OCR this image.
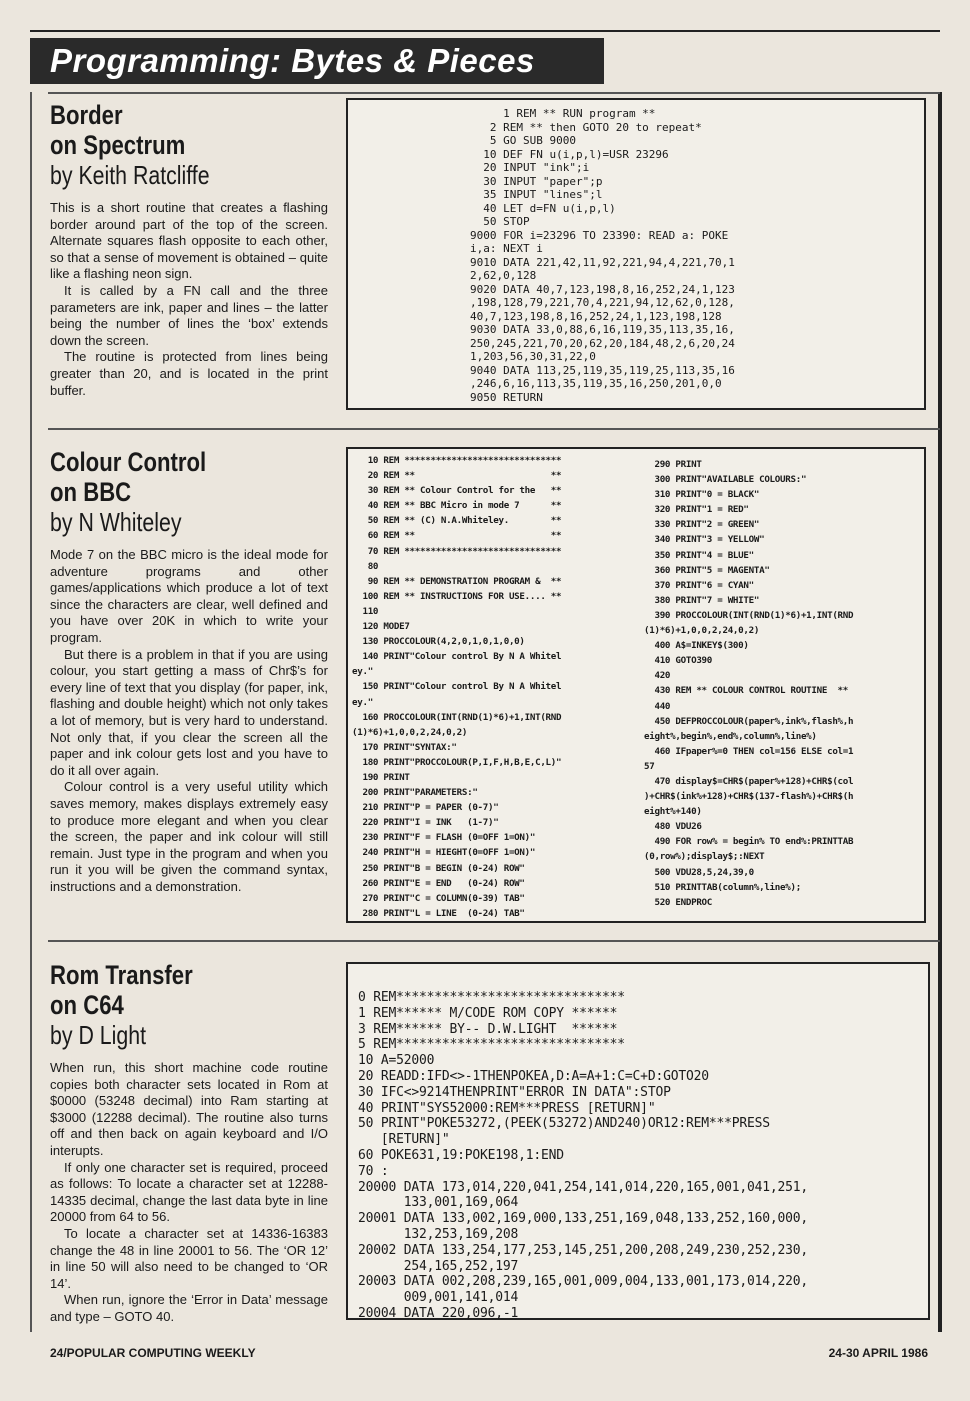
Programming: Bytes & Pieces
Border
on Spectrum
by Keith Ratcliffe

This is a short routine that creates a flashing border around part of the top of the screen. Alternate squares flash opposite to each other, so that a sense of movement is obtained – quite like a flashing neon sign.

It is called by a FN call and the three parameters are ink, paper and lines – the latter being the number of lines the ‘box’ extends down the screen.

The routine is protected from lines being greater than 20, and is located in the print buffer.

1 REM ** RUN program **
2 REM ** then GOTO 20 to repeat*
5 GO SUB 9000
10 DEF FN u(i,p,l)=USR 23296
20 INPUT "ink";i
30 INPUT "paper";p
35 INPUT "lines";l
40 LET d=FN u(i,p,l)
50 STOP
9000 FOR i=23296 TO 23390: READ a: POKE
i,a: NEXT i
9010 DATA 221,42,11,92,221,94,4,221,70,1
2,62,0,128
9020 DATA 40,7,123,198,8,16,252,24,1,123
,198,128,79,221,70,4,221,94,12,62,0,128,
40,7,123,198,8,16,252,24,1,123,198,128
9030 DATA 33,0,88,6,16,119,35,113,35,16,
250,245,221,70,20,62,20,184,48,2,6,20,24
1,203,56,30,31,22,0
9040 DATA 113,25,119,35,119,25,113,35,16
,246,6,16,113,35,119,35,16,250,201,0,0
9050 RETURN
Colour Control
on BBC
by N Whiteley

Mode 7 on the BBC micro is the ideal mode for adventure programs and other games/applications which produce a lot of text since the characters are clear, well defined and you have over 20K in which to write your program.

But there is a problem in that if you are using colour, you start getting a mass of Chr$’s for every line of text that you display (for paper, ink, flashing and double height) which not only takes a lot of memory, but is very hard to understand. Not only that, if you clear the screen all the paper and ink colour gets lost and you have to do it all over again.

Colour control is a very useful utility which saves memory, makes displays extremely easy to produce more elegant and when you clear the screen, the paper and ink colour will still remain. Just type in the program and when you run it you will be given the command syntax, instructions and a demonstration.

10 REM ******************************
20 REM **                          **
30 REM ** Colour Control for the   **
40 REM ** BBC Micro in mode 7      **
50 REM ** (C) N.A.Whiteley.        **
60 REM **                          **
70 REM ******************************
80
90 REM ** DEMONSTRATION PROGRAM &  **
100 REM ** INSTRUCTIONS FOR USE.... **
110
120 MODE7
130 PROCCOLOUR(4,2,0,1,0,1,0,0)
140 PRINT"Colour control By N A Whitel
ey."
150 PRINT"Colour control By N A Whitel
ey."
160 PROCCOLOUR(INT(RND(1)*6)+1,INT(RND
(1)*6)+1,0,0,2,24,0,2)
170 PRINT"SYNTAX:"
180 PRINT"PROCCOLOUR(P,I,F,H,B,E,C,L)"
190 PRINT
200 PRINT"PARAMETERS:"
210 PRINT"P = PAPER (0-7)"
220 PRINT"I = INK   (1-7)"
230 PRINT"F = FLASH (0=OFF 1=ON)"
240 PRINT"H = HIEGHT(0=OFF 1=ON)"
250 PRINT"B = BEGIN (0-24) ROW"
260 PRINT"E = END   (0-24) ROW"
270 PRINT"C = COLUMN(0-39) TAB"
280 PRINT"L = LINE  (0-24) TAB"
290 PRINT
300 PRINT"AVAILABLE COLOURS:"
310 PRINT"0 = BLACK"
320 PRINT"1 = RED"
330 PRINT"2 = GREEN"
340 PRINT"3 = YELLOW"
350 PRINT"4 = BLUE"
360 PRINT"5 = MAGENTA"
370 PRINT"6 = CYAN"
380 PRINT"7 = WHITE"
390 PROCCOLOUR(INT(RND(1)*6)+1,INT(RND
(1)*6)+1,0,0,2,24,0,2)
400 A$=INKEY$(300)
410 GOTO390
420
430 REM ** COLOUR CONTROL ROUTINE  **
440
450 DEFPROCCOLOUR(paper%,ink%,flash%,h
eight%,begin%,end%,column%,line%)
460 IFpaper%=0 THEN col=156 ELSE col=1
57
470 display$=CHR$(paper%+128)+CHR$(col
)+CHR$(ink%+128)+CHR$(137-flash%)+CHR$(h
eight%+140)
480 VDU26
490 FOR row% = begin% TO end%:PRINTTAB
(0,row%);display$;:NEXT
500 VDU28,5,24,39,0
510 PRINTTAB(column%,line%);
520 ENDPROC
Rom Transfer
on C64
by D Light

When run, this short machine code routine copies both character sets located in Rom at $0000 (53248 decimal) into Ram starting at $3000 (12288 decimal). The routine also turns off and then back on again keyboard and I/O interupts.

If only one character set is required, proceed as follows: To locate a character set at 12288-14335 decimal, change the last data byte in line 20000 from 64 to 56.

To locate a character set at 14336-16383 change the 48 in line 20001 to 56. The ‘OR 12’ in line 50 will also need to be changed to ‘OR 14’.

When run, ignore the ‘Error in Data’ message and type – GOTO 40.

0 REM******************************
1 REM****** M/CODE ROM COPY ******
3 REM****** BY-- D.W.LIGHT  ******
5 REM******************************
10 A=52000
20 READD:IFD<>-1THENPOKEA,D:A=A+1:C=C+D:GOTO20
30 IFC<>9214THENPRINT"ERROR IN DATA":STOP
40 PRINT"SYS52000:REM***PRESS [RETURN]"
50 PRINT"POKE53272,(PEEK(53272)AND240)OR12:REM***PRESS
[RETURN]"
60 POKE631,19:POKE198,1:END
70 :
20000 DATA 173,014,220,041,254,141,014,220,165,001,041,251,
133,001,169,064
20001 DATA 133,002,169,000,133,251,169,048,133,252,160,000,
132,253,169,208
20002 DATA 133,254,177,253,145,251,200,208,249,230,252,230,
254,165,252,197
20003 DATA 002,208,239,165,001,009,004,133,001,173,014,220,
009,001,141,014
20004 DATA 220,096,-1
24/POPULAR COMPUTING WEEKLY	24-30 APRIL 1986
